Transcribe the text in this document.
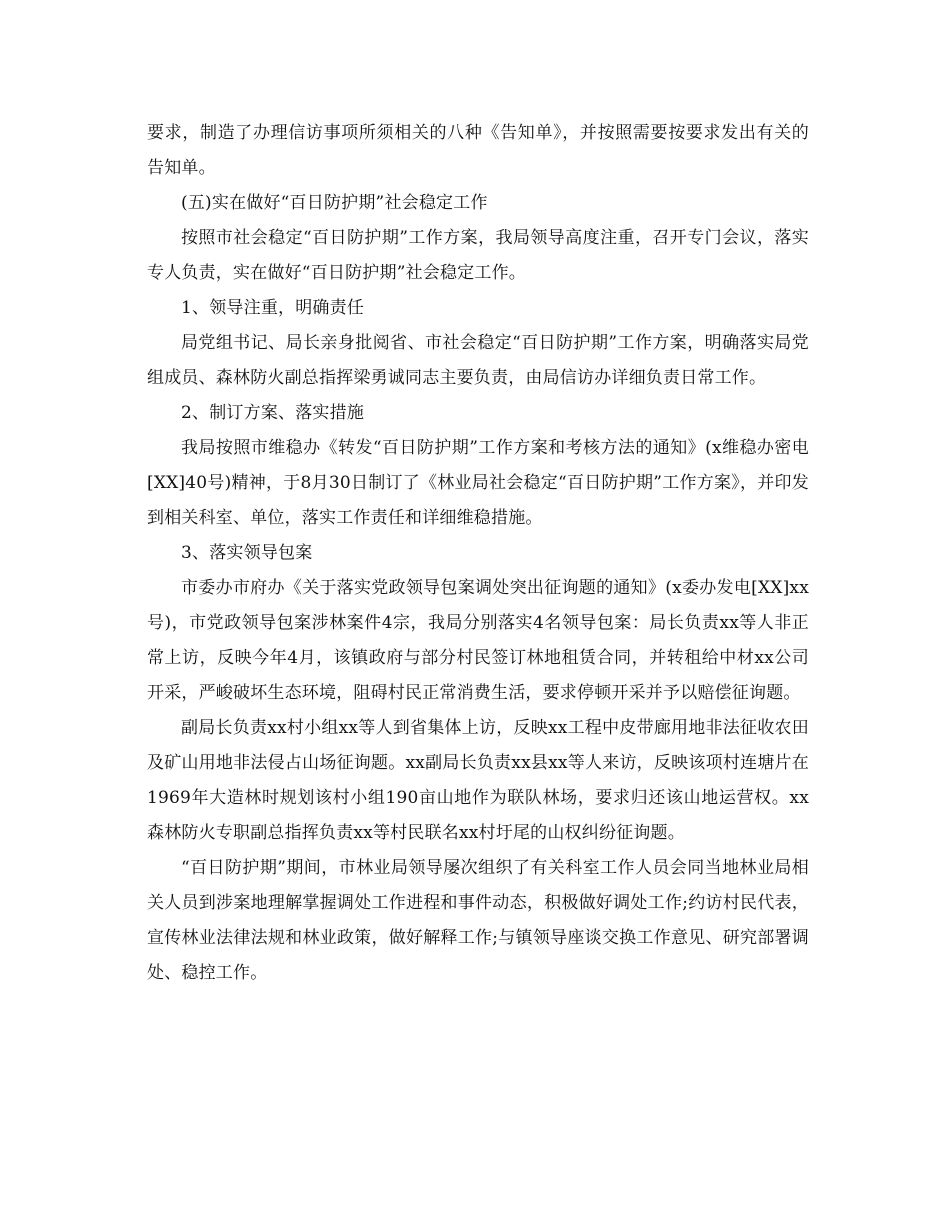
要求，制造了办理信访事项所须相关的八种《告知单》，并按照需要按要求发出有关的告知单。

(五)实在做好“百日防护期”社会稳定工作

按照市社会稳定“百日防护期”工作方案，我局领导高度注重，召开专门会议，落实专人负责，实在做好“百日防护期”社会稳定工作。

1、领导注重，明确责任

局党组书记、局长亲身批阅省、市社会稳定“百日防护期”工作方案，明确落实局党组成员、森林防火副总指挥梁勇诚同志主要负责，由局信访办详细负责日常工作。

2、制订方案、落实措施

我局按照市维稳办《转发“百日防护期”工作方案和考核方法的通知》(x维稳办密电[XX]40号)精神，于8月30日制订了《林业局社会稳定“百日防护期”工作方案》，并印发到相关科室、单位，落实工作责任和详细维稳措施。

3、落实领导包案

市委办市府办《关于落实党政领导包案调处突出征询题的通知》(x委办发电[XX]xx号)，市党政领导包案涉林案件4宗，我局分别落实4名领导包案：局长负责xx等人非正常上访，反映今年4月，该镇政府与部分村民签订林地租赁合同，并转租给中材xx公司开采，严峻破坏生态环境，阻碍村民正常消费生活，要求停顿开采并予以赔偿征询题。

副局长负责xx村小组xx等人到省集体上访，反映xx工程中皮带廊用地非法征收农田及矿山用地非法侵占山场征询题。xx副局长负责xx县xx等人来访，反映该项村连塘片在1969年大造林时规划该村小组190亩山地作为联队林场，要求归还该山地运营权。xx森林防火专职副总指挥负责xx等村民联名xx村圩尾的山权纠纷征询题。

“百日防护期”期间，市林业局领导屡次组织了有关科室工作人员会同当地林业局相关人员到涉案地理解掌握调处工作进程和事件动态，积极做好调处工作;约访村民代表，宣传林业法律法规和林业政策，做好解释工作;与镇领导座谈交换工作意见、研究部署调处、稳控工作。
